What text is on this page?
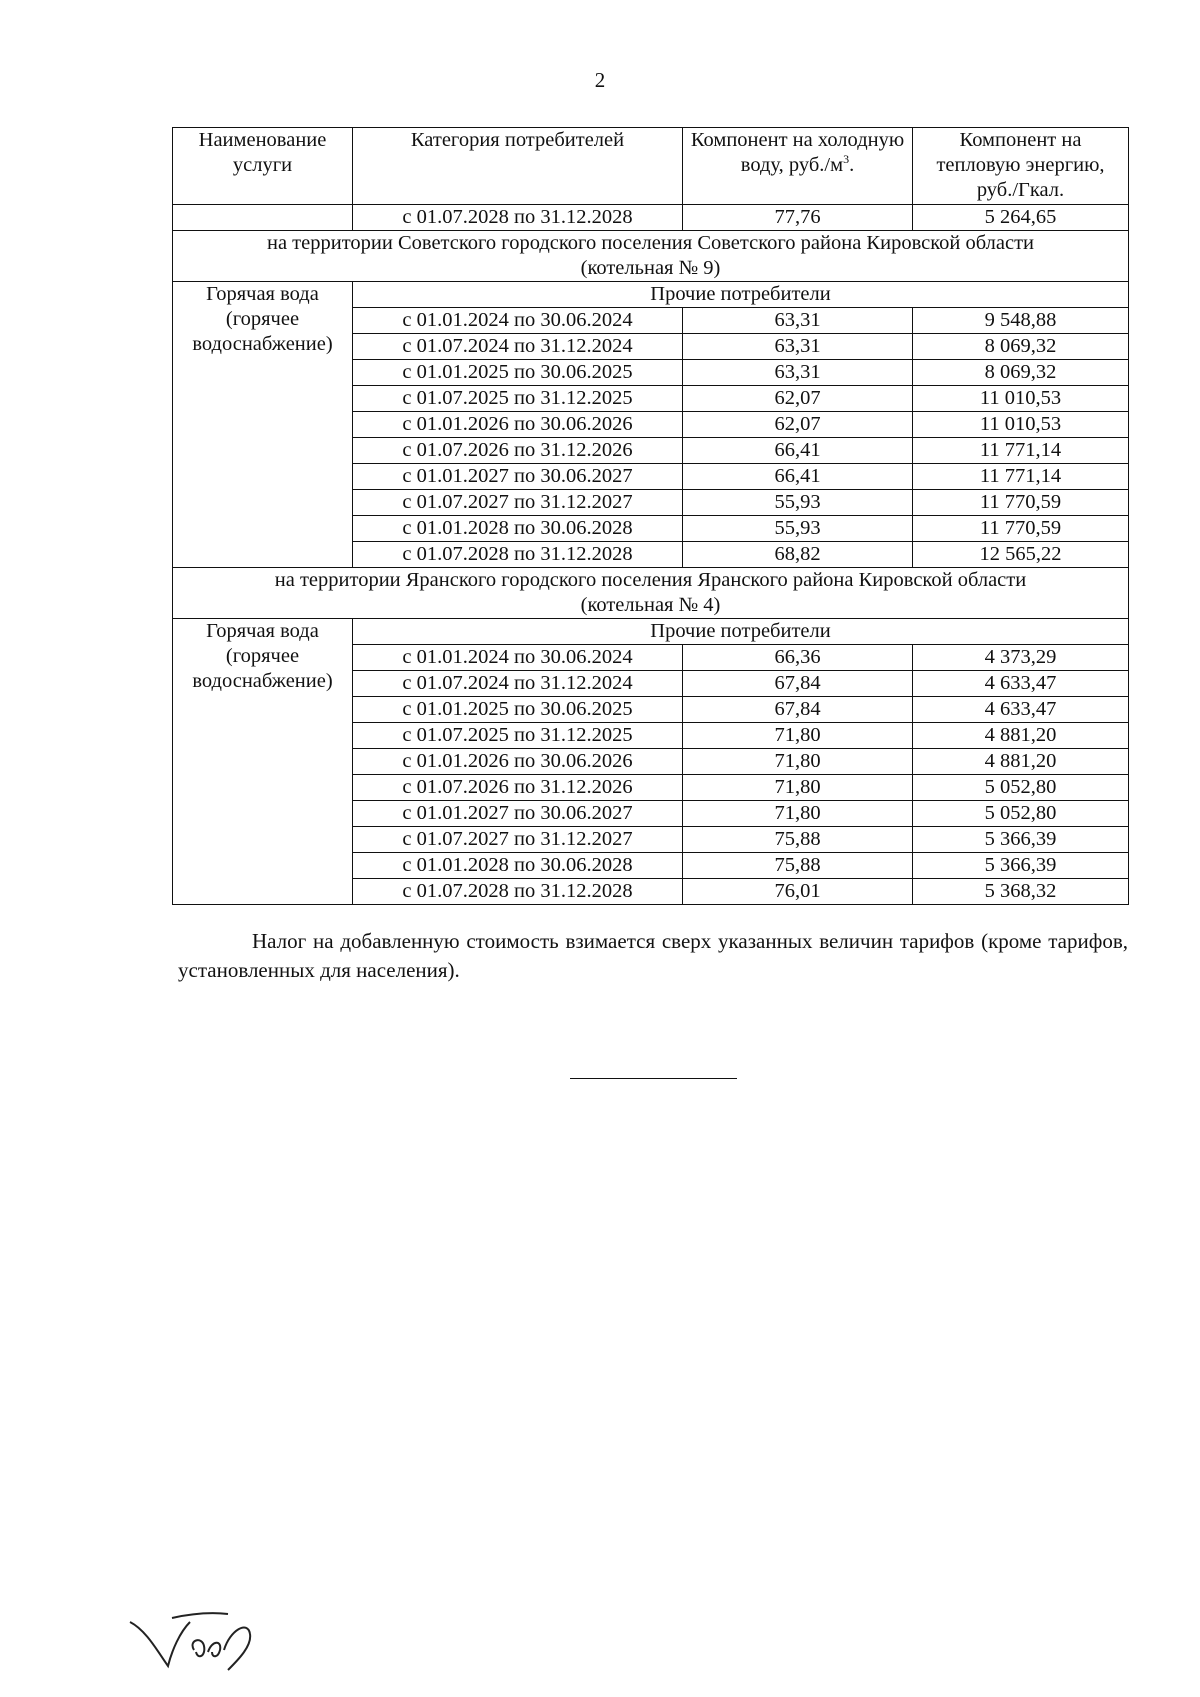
2
Наименование услуги	Категория потребителей	Компонент на холодную воду, $руб./м^3$.	Компонент на тепловую энергию, руб./Гкал.
	с 01.07.2028 по 31.12.2028	77,76	5 264,65

на территории Советского городского поселения Советского района Кировской области
(котельная № 9)			

Горячая вода (горячее водоснабжение)	Прочие потребители		
	с 01.01.2024 по 30.06.2024	63,31	9 548,88
	с 01.07.2024 по 31.12.2024	63,31	8 069,32
	с 01.01.2025 по 30.06.2025	63,31	8 069,32
	с 01.07.2025 по 31.12.2025	62,07	11 010,53
	с 01.01.2026 по 30.06.2026	62,07	11 010,53
	с 01.07.2026 по 31.12.2026	66,41	11 771,14
	с 01.01.2027 по 30.06.2027	66,41	11 771,14
	с 01.07.2027 по 31.12.2027	55,93	11 770,59
	с 01.01.2028 по 30.06.2028	55,93	11 770,59
	с 01.07.2028 по 31.12.2028	68,82	12 565,22

на территории Яранского городского поселения Яранского района Кировской области
(котельная № 4)			

Горячая вода (горячее водоснабжение)	Прочие потребители		
	с 01.01.2024 по 30.06.2024	66,36	4 373,29
	с 01.07.2024 по 31.12.2024	67,84	4 633,47
	с 01.01.2025 по 30.06.2025	67,84	4 633,47
	с 01.07.2025 по 31.12.2025	71,80	4 881,20
	с 01.01.2026 по 30.06.2026	71,80	4 881,20
	с 01.07.2026 по 31.12.2026	71,80	5 052,80
	с 01.01.2027 по 30.06.2027	71,80	5 052,80
	с 01.07.2027 по 31.12.2027	75,88	5 366,39
	с 01.01.2028 по 30.06.2028	75,88	5 366,39
	с 01.07.2028 по 31.12.2028	76,01	5 368,32
Налог на добавленную стоимость взимается сверх указанных величин тарифов (кроме тарифов, установленных для населения).
